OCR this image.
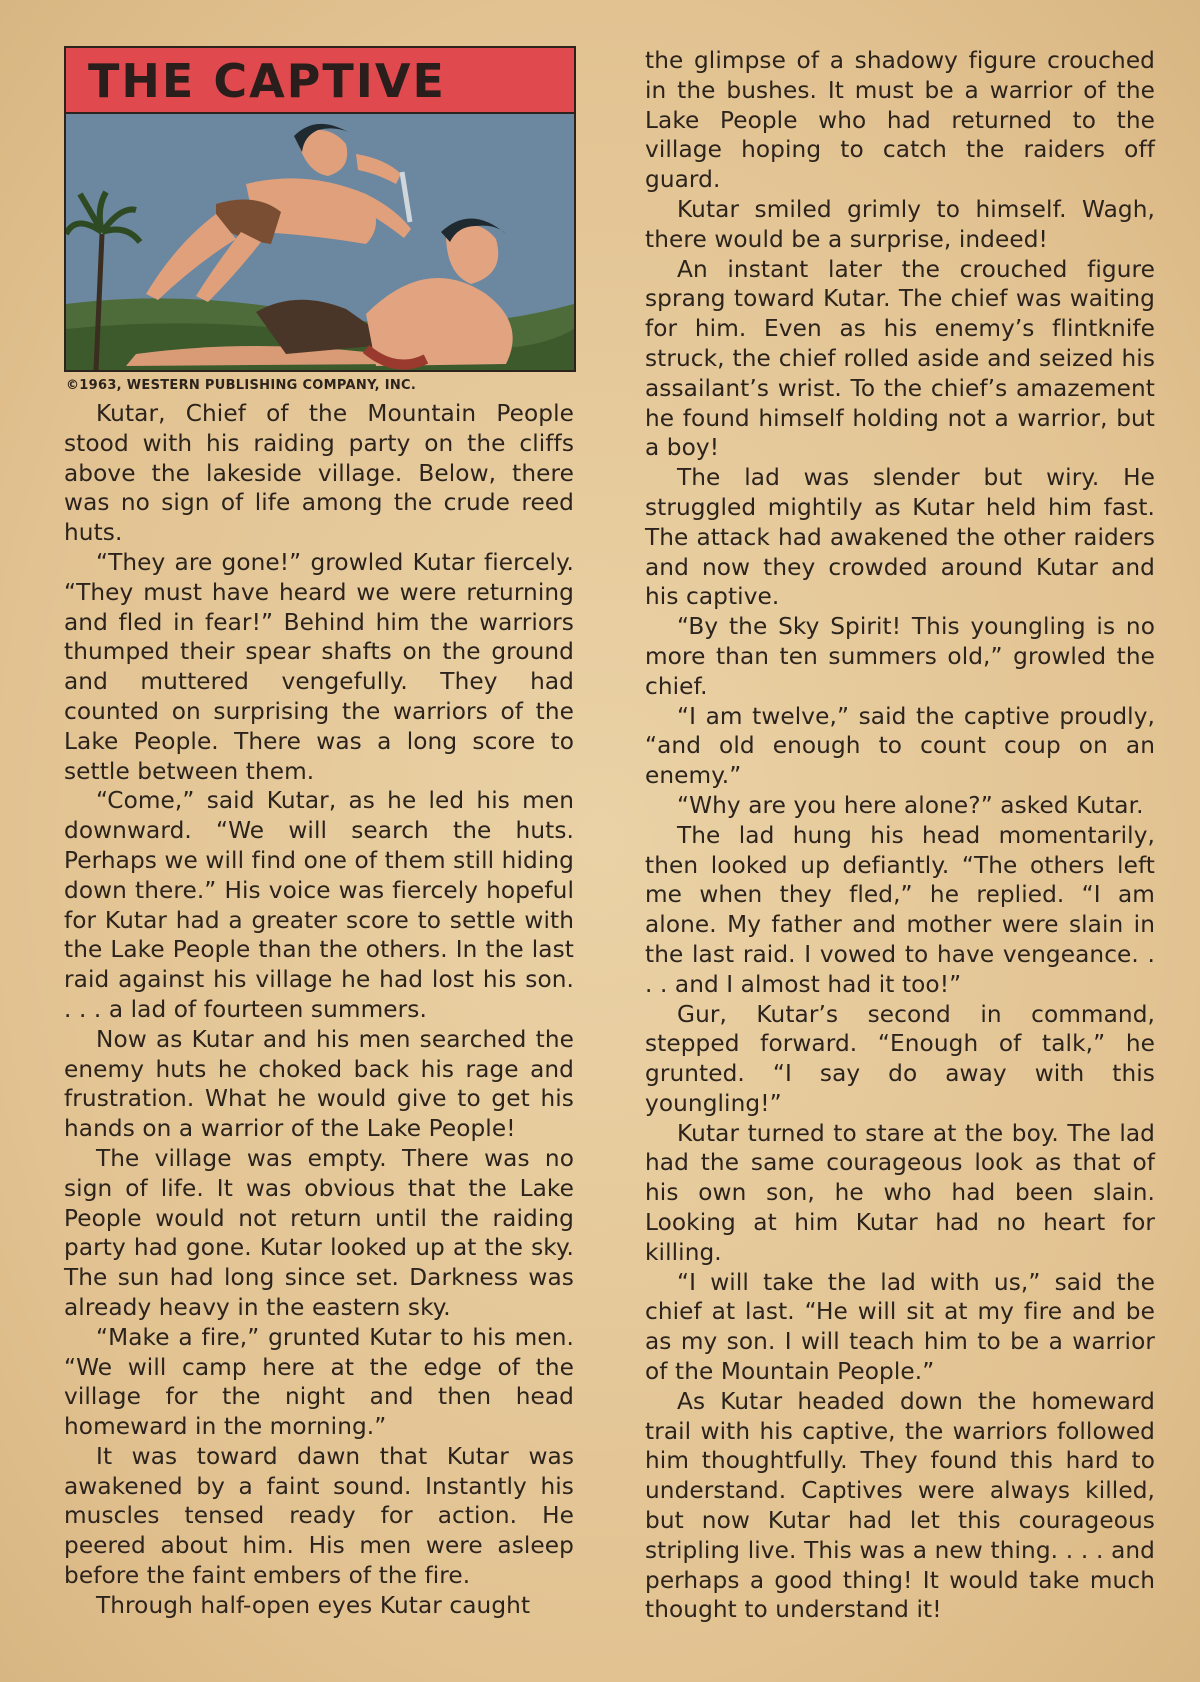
THE CAPTIVE
©1963, WESTERN PUBLISHING COMPANY, INC.

Kutar, Chief of the Mountain People stood with his raiding party on the cliffs above the lakeside village. Below, there was no sign of life among the crude reed huts.

“They are gone!” growled Kutar fiercely. “They must have heard we were returning and fled in fear!” Behind him the warriors thumped their spear shafts on the ground and muttered vengefully. They had counted on surprising the warriors of the Lake People. There was a long score to settle between them.

“Come,” said Kutar, as he led his men downward. “We will search the huts. Perhaps we will find one of them still hiding down there.” His voice was fiercely hopeful for Kutar had a greater score to settle with the Lake People than the others. In the last raid against his village he had lost his son. . . . a lad of fourteen summers.

Now as Kutar and his men searched the enemy huts he choked back his rage and frustration. What he would give to get his hands on a warrior of the Lake People!

The village was empty. There was no sign of life. It was obvious that the Lake People would not return until the raiding party had gone. Kutar looked up at the sky. The sun had long since set. Darkness was already heavy in the eastern sky.

“Make a fire,” grunted Kutar to his men. “We will camp here at the edge of the village for the night and then head homeward in the morning.”

It was toward dawn that Kutar was awakened by a faint sound. Instantly his muscles tensed ready for action. He peered about him. His men were asleep before the faint embers of the fire.

Through half-open eyes Kutar caught

the glimpse of a shadowy figure crouched in the bushes. It must be a warrior of the Lake People who had returned to the village hoping to catch the raiders off guard.

Kutar smiled grimly to himself. Wagh, there would be a surprise, indeed!

An instant later the crouched figure sprang toward Kutar. The chief was waiting for him. Even as his enemy’s flintknife struck, the chief rolled aside and seized his assailant’s wrist. To the chief’s amazement he found himself holding not a warrior, but a boy!

The lad was slender but wiry. He struggled mightily as Kutar held him fast. The attack had awakened the other raiders and now they crowded around Kutar and his captive.

“By the Sky Spirit! This youngling is no more than ten summers old,” growled the chief.

“I am twelve,” said the captive proudly, “and old enough to count coup on an enemy.”

“Why are you here alone?” asked Kutar.

The lad hung his head momentarily, then looked up defiantly. “The others left me when they fled,” he replied. “I am alone. My father and mother were slain in the last raid. I vowed to have vengeance. . . . and I almost had it too!”

Gur, Kutar’s second in command, stepped forward. “Enough of talk,” he grunted. “I say do away with this youngling!”

Kutar turned to stare at the boy. The lad had the same courageous look as that of his own son, he who had been slain. Looking at him Kutar had no heart for killing.

“I will take the lad with us,” said the chief at last. “He will sit at my fire and be as my son. I will teach him to be a warrior of the Mountain People.”

As Kutar headed down the homeward trail with his captive, the warriors followed him thoughtfully. They found this hard to understand. Captives were always killed, but now Kutar had let this courageous stripling live. This was a new thing. . . . and perhaps a good thing! It would take much thought to understand it!
